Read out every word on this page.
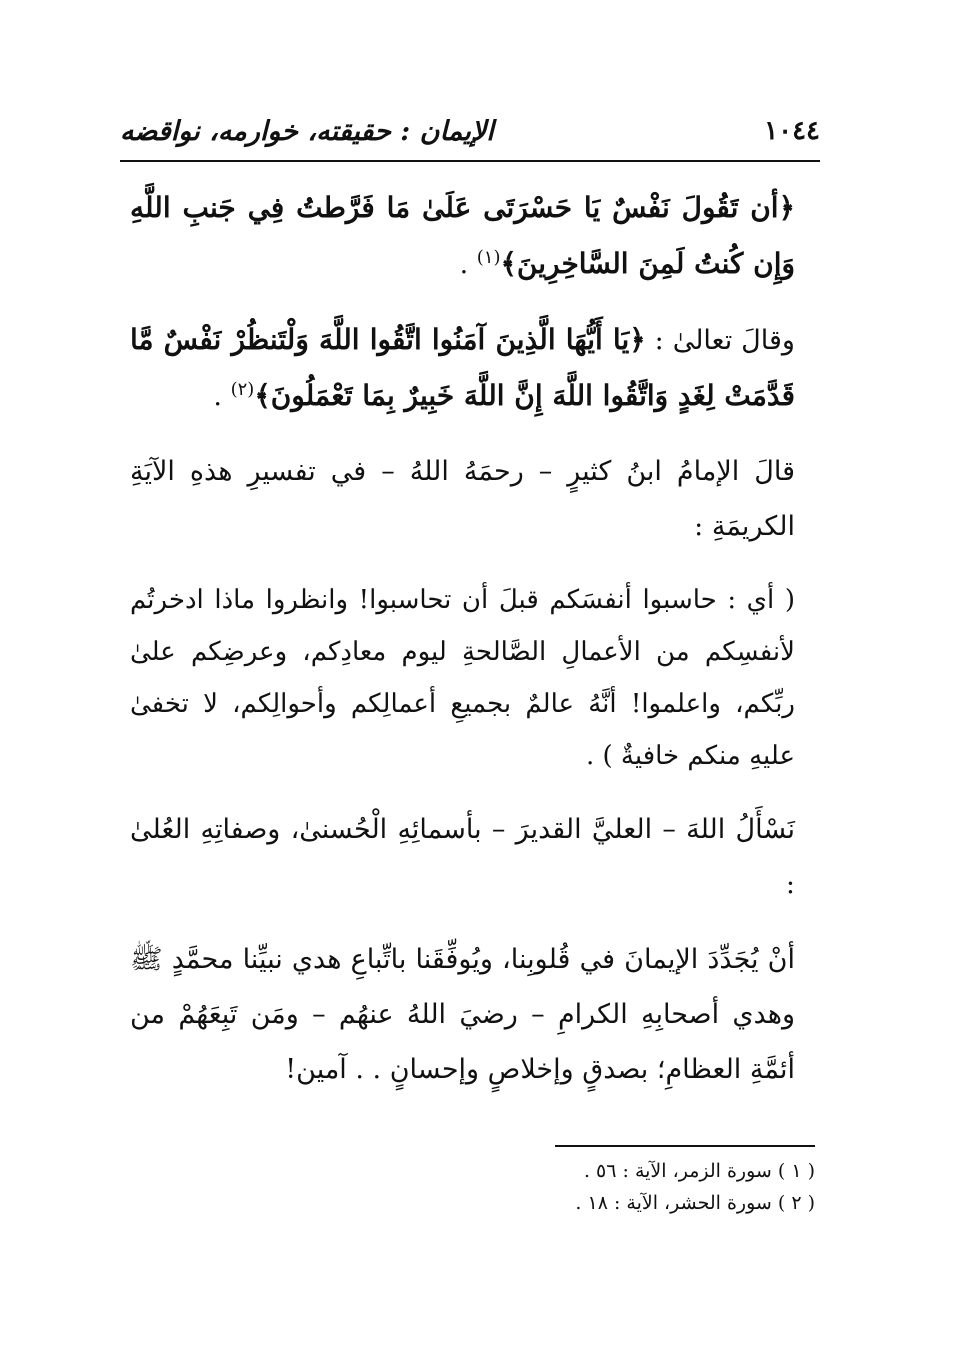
١٠٤٤
الإيمان : حقيقته، خوارمه، نواقضه

﴿أن تَقُولَ نَفْسٌ يَا حَسْرَتَى عَلَىٰ مَا فَرَّطتُ فِي جَنبِ اللَّهِ وَإِن كُنتُ لَمِنَ السَّاخِرِينَ﴾$^{(١)}$ .

وقالَ تعالىٰ : ﴿يَا أَيُّهَا الَّذِينَ آمَنُوا اتَّقُوا اللَّهَ وَلْتَنظُرْ نَفْسٌ مَّا قَدَّمَتْ لِغَدٍ وَاتَّقُوا اللَّهَ إِنَّ اللَّهَ خَبِيرٌ بِمَا تَعْمَلُونَ﴾$^{(٢)}$ .

قالَ الإمامُ ابنُ كثيرٍ – رحمَهُ اللهُ – في تفسيرِ هذهِ الآيَةِ الكريمَةِ :

( أي : حاسبوا أنفسَكم قبلَ أن تحاسبوا! وانظروا ماذا ادخرتُم لأنفسِكم من الأعمالِ الصَّالحةِ ليوم معادِكم، وعرضِكم علىٰ ربِّكم، واعلموا! أنَّهُ عالمٌ بجميعِ أعمالِكم وأحوالِكم، لا تخفىٰ عليهِ منكم خافيةٌ ) .

نَسْأَلُ اللهَ – العليَّ القديرَ – بأسمائِهِ الْحُسنىٰ، وصفاتِهِ العُلىٰ :

أنْ يُجَدِّدَ الإيمانَ في قُلوبِنا، ويُوفِّقَنا باتِّباعِ هدي نبيِّنا محمَّدٍ ﷺ وهدي أصحابِهِ الكرامِ – رضيَ اللهُ عنهُم – ومَن تَبِعَهُمْ من أئمَّةِ العظامِ؛ بصدقٍ وإخلاصٍ وإحسانٍ . . آمين!

( ١ ) سورة الزمر، الآية : ٥٦ .

( ٢ ) سورة الحشر، الآية : ١٨ .
